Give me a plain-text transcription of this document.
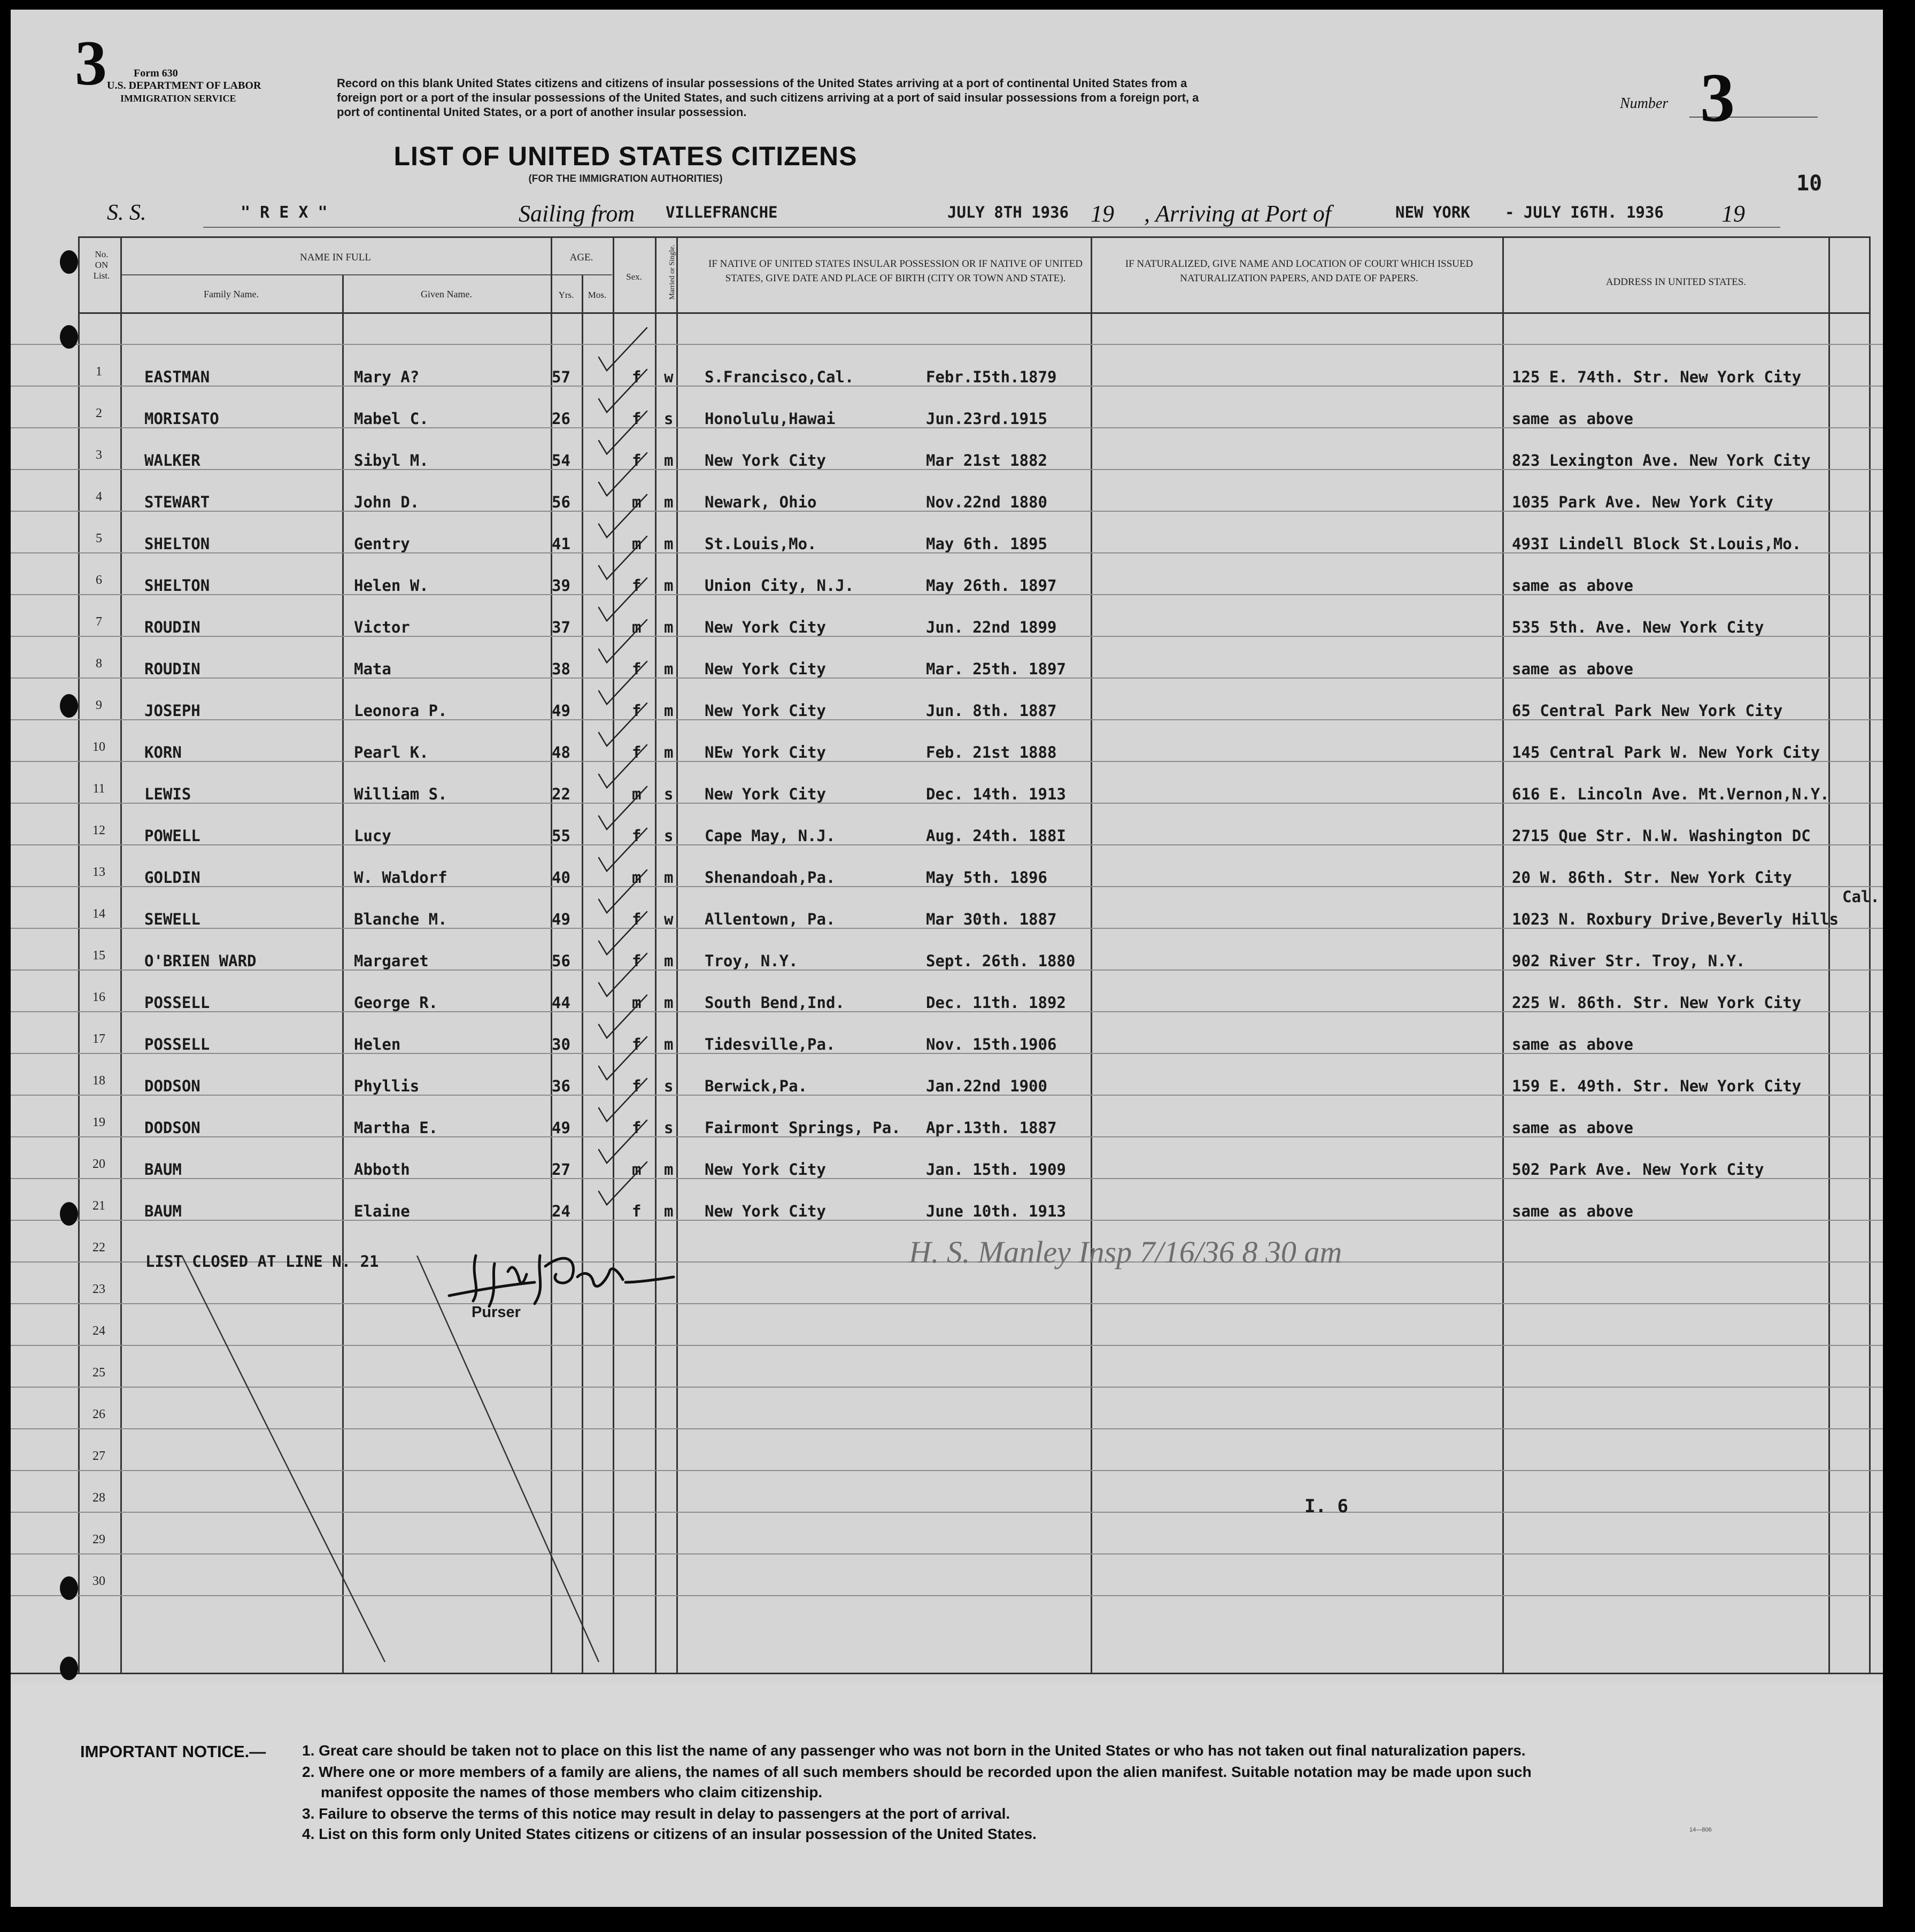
3	Form 630
U.S. DEPARTMENT OF LABOR
IMMIGRATION SERVICE
Record on this blank United States citizens and citizens of insular possessions of the United States arriving at a port of continental United States from a
foreign port or a port of the insular possessions of the United States, and such citizens arriving at a port of said insular possessions from a foreign port, a
port of continental United States, or a port of another insular possession.
Number 3
LIST OF UNITED STATES CITIZENS
(FOR THE IMMIGRATION AUTHORITIES)	10
S. S.	" R E X "	Sailing from VILLEFRANCHE	JULY 8TH 1936 19 , Arriving at Port of	NEW YORK - JULY I6TH. 1936 19
No.
ON
List.
NAME IN FULL
Family Name.	Given Name.
AGE.
Yrs.	Mos.
Sex.	Married or Single.	IF NATIVE OF UNITED STATES INSULAR POSSESSION OR IF NATIVE OF UNITED STATES, GIVE DATE AND PLACE OF BIRTH (CITY OR TOWN AND STATE).
IF NATURALIZED, GIVE NAME AND LOCATION OF COURT WHICH ISSUED NATURALIZATION PAPERS, AND DATE OF PAPERS.	ADDRESS IN UNITED STATES.
1	EASTMAN	Mary A?	57	f w S.Francisco,Cal.	Febr.I5th.1879	125 E. 74th. Str. New York City
2	MORISATO	Mabel C.	26	f s Honolulu,Hawai	Jun.23rd.1915	same as above
3	WALKER	Sibyl M.	54	f m New York City	Mar 21st 1882	823 Lexington Ave. New York City
4	STEWART	John D.	56	m m Newark, Ohio	Nov.22nd 1880	1035 Park Ave. New York City
5	SHELTON	Gentry	41	m m St.Louis,Mo.	May 6th. 1895	493I Lindell Block St.Louis,Mo.
6	SHELTON	Helen W.	39	f m Union City, N.J.	May 26th. 1897	same as above
7	ROUDIN	Victor	37	m m New York City	Jun. 22nd 1899	535 5th. Ave. New York City
8	ROUDIN	Mata	38	f m New York City	Mar. 25th. 1897	same as above
9	JOSEPH	Leonora P.	49	f m New York City	Jun. 8th. 1887	65 Central Park New York City
10	KORN	Pearl K.	48	f m NEw York City	Feb. 21st 1888	145 Central Park W. New York City
11	LEWIS	William S.	22	m s New York City	Dec. 14th. 1913	616 E. Lincoln Ave. Mt.Vernon,N.Y.
12	POWELL	Lucy	55	f s Cape May, N.J.	Aug. 24th. 188I	2715 Que Str. N.W. Washington DC
13	GOLDIN	W. Waldorf	40	m m Shenandoah,Pa.	May 5th. 1896	20 W. 86th. Str. New York City
14	SEWELL	Blanche M.	49	f w Allentown, Pa.	Mar 30th. 1887	1023 N. Roxbury Drive,Beverly Hills
15	O'BRIEN WARD	Margaret	56	f m Troy, N.Y.	Sept. 26th. 1880	902 River Str. Troy, N.Y.
16	POSSELL	George R.	44	m m South Bend,Ind.	Dec. 11th. 1892	225 W. 86th. Str. New York City
17	POSSELL	Helen	30	f m Tidesville,Pa.	Nov. 15th.1906	same as above
18	DODSON	Phyllis	36	f s Berwick,Pa.	Jan.22nd 1900	159 E. 49th. Str. New York City
19	DODSON	Martha E.	49	f s Fairmont Springs, Pa. Apr.13th. 1887	same as above
20	BAUM	Abboth	27	m m New York City	Jan. 15th. 1909	502 Park Ave. New York City
21	BAUM	Elaine	24	f m New York City	June 10th. 1913	same as above
22
23
24
25
26
27
28
29
30
Cal.
LIST CLOSED AT LINE N. 21
Purser
H. S. Manley Insp 7/16/36 8 30 am
I. 6
IMPORTANT NOTICE.— 1. Great care should be taken not to place on this list the name of any passenger who was not born in the United States or who has not taken out final naturalization papers.
2. Where one or more members of a family are aliens, the names of all such members should be recorded upon the alien manifest. Suitable notation may be made upon such
manifest opposite the names of those members who claim citizenship.
3. Failure to observe the terms of this notice may result in delay to passengers at the port of arrival.
4. List on this form only United States citizens or citizens of an insular possession of the United States.	14—806
